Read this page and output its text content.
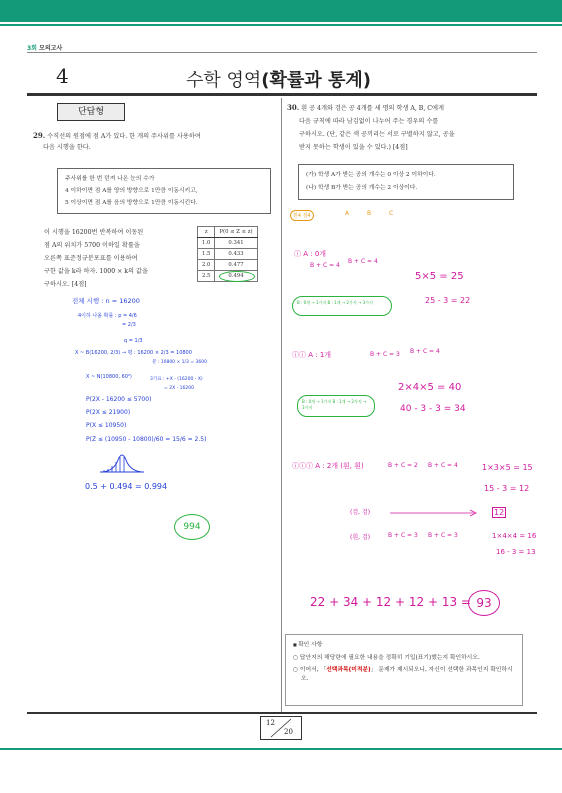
3회 모의고사
4	수학 영역(확률과 통계)
단답형
29. 수직선의 원점에 점 A가 있다. 한 개의 주사위를 사용하여
다음 시행을 한다.
주사위를 한 번 던져 나온 눈의 수가
4 이하이면 점 A를 양의 방향으로 1만큼 이동시키고,
5 이상이면 점 A를 음의 방향으로 1만큼 이동시킨다.
이 시행을 16200번 반복하여 이동된
점 A의 위치가 5700 이하일 확률을
오른쪽 표준정규분포표를 이용하여
구한 값을 k라 하자. 1000 × k의 값을
구하시오. [4점]
z	P(0 ≤ Z ≤ z)
1.0	0.341
1.5	0.433
2.0	0.477
2.5	0.494
전체 시행 : n = 16200
4이하 나올 확률 : p = 4/6
= 2/3
q = 1/3
X ~ B(16200, 2/3) → 평 : 16200 × 2/3 = 10800
분 : 10800 × 1/3 = 3600
X ~ N(10800, 60²)	3기표 : +X - (16200 - X)
= 2X - 16200
P(2X - 16200 ≤ 5700)
P(2X ≤ 21900)
P(X ≤ 10950)
P(Z ≤ (10950 - 10800)/60 = 15/6 = 2.5)
0.5 + 0.494 = 0.994
994
30. 흰 공 4개와 검은 공 4개를 세 명의 학생 A, B, C에게
다음 규칙에 따라 남김없이 나누어 주는 경우의 수를
구하시오. (단, 같은 색 공끼리는 서로 구별하지 않고, 공을
받지 못하는 학생이 있을 수 있다.) [4점]
(가) 학생 A가 받는 공의 개수는 0 이상 2 이하이다.
(나) 학생 B가 받는 공의 개수는 2 이상이다.
흰4 검4	A B C
ⓘ A : 0개
B + C = 4
B + C = 4
5×5 = 25
B : 0개 → 1가지 B : 1개 → 2가지 → 3가지	25 - 3 = 22
ⓘⓘ A : 1개	B + C = 3 B + C = 4
2×4×5 = 40
B : 0개 → 1가지 B : 1개 → 2가지 → 3가지	40 - 3 - 3 = 34
ⓘⓘⓘ A : 2개 (흰, 흰)	B + C = 2 B + C = 4	1×3×5 = 15
15 - 3 = 12
(검, 검)	12
(흰, 검)	B + C = 3 B + C = 3	1×4×4 = 16
16 - 3 = 13
22 + 34 + 12 + 12 + 13 = 93
■ 확인 사항
○ 답안지의 해당란에 필요한 내용을 정확히 기입(표기)했는지 확인하시오.
○ 이어서, 「선택과목(미적분)」 문제가 제시되오니, 자신이 선택한 과목인지 확인하시오.
12
20
